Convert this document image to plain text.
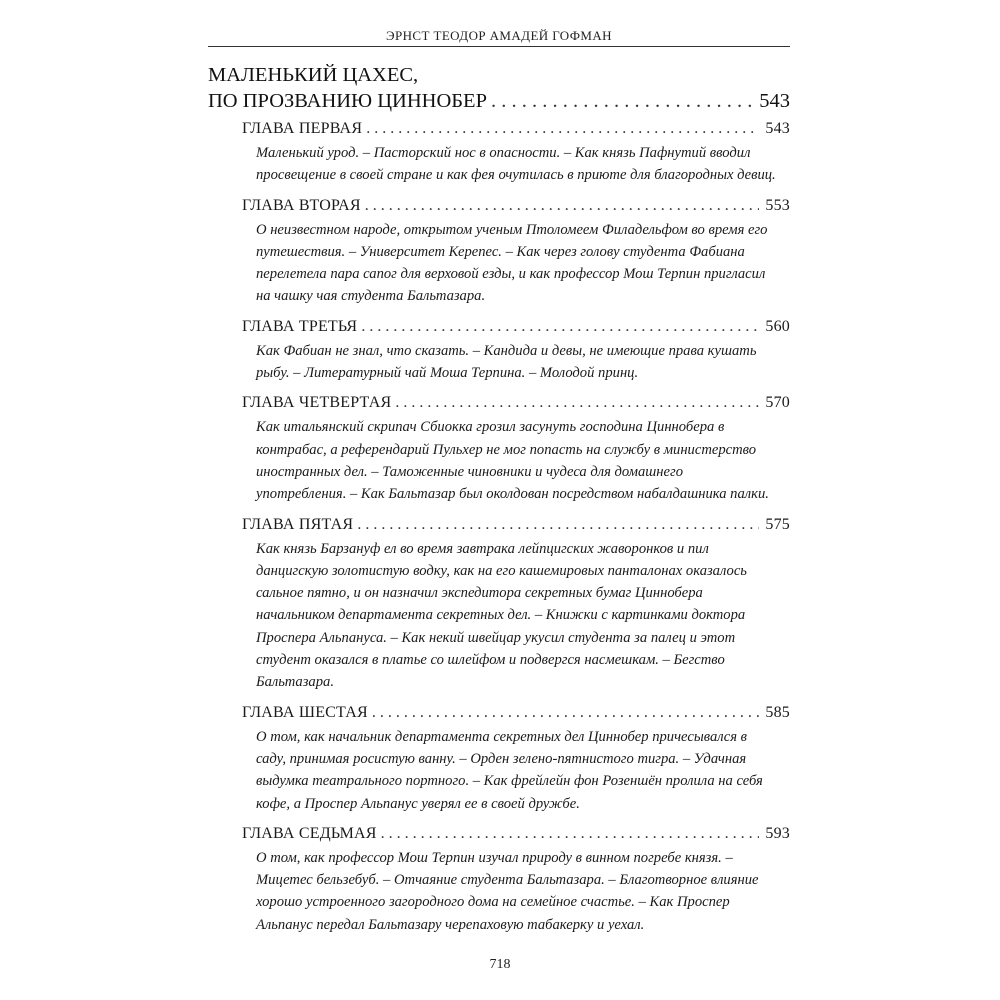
ЭРНСТ ТЕОДОР АМАДЕЙ ГОФМАН
МАЛЕНЬКИЙ ЦАХЕС,
ПО ПРОЗВАНИЮ ЦИННОБЕР . . .	543
ГЛАВА ПЕРВАЯ . . .	543
Маленький урод. – Пасторский нос в опасности. – Как князь Пафнутий вводил просвещение в своей стране и как фея очутилась в приюте для благородных девиц.
ГЛАВА ВТОРАЯ . . .	553
О неизвестном народе, открытом ученым Птоломеем Филадельфом во время его путешествия. – Университет Керепес. – Как через голову студента Фабиана перелетела пара сапог для верховой езды, и как профессор Мош Терпин пригласил на чашку чая студента Бальтазара.
ГЛАВА ТРЕТЬЯ . . .	560
Как Фабиан не знал, что сказать. – Кандида и девы, не имеющие права кушать рыбу. – Литературный чай Моша Терпина. – Молодой принц.
ГЛАВА ЧЕТВЕРТАЯ . . .	570
Как итальянский скрипач Сбиокка грозил засунуть господина Циннобера в контрабас, а референдарий Пульхер не мог попасть на службу в министерство иностранных дел. – Таможенные чиновники и чудеса для домашнего употребления. – Как Бальтазар был околдован посредством набалдашника палки.
ГЛАВА ПЯТАЯ . . .	575
Как князь Барзануф ел во время завтрака лейпцигских жаворонков и пил данцигскую золотистую водку, как на его кашемировых панталонах оказалось сальное пятно, и он назначил экспедитора секретных бумаг Циннобера начальником департамента секретных дел. – Книжки с картинками доктора Проспера Альпануса. – Как некий швейцар укусил студента за палец и этот студент оказался в платье со шлейфом и подвергся насмешкам. – Бегство Бальтазара.
ГЛАВА ШЕСТАЯ . . .	585
О том, как начальник департамента секретных дел Циннобер причесывался в саду, принимая росистую ванну. – Орден зелено-пятнистого тигра. – Удачная выдумка театрального портного. – Как фрейлейн фон Розеншён пролила на себя кофе, а Проспер Альпанус уверял ее в своей дружбе.
ГЛАВА СЕДЬМАЯ . . .	593
О том, как профессор Мош Терпин изучал природу в винном погребе князя. – Мицетес бельзебуб. – Отчаяние студента Бальтазара. – Благотворное влияние хорошо устроенного загородного дома на семейное счастье. – Как Проспер Альпанус передал Бальтазару черепаховую табакерку и уехал.
718
